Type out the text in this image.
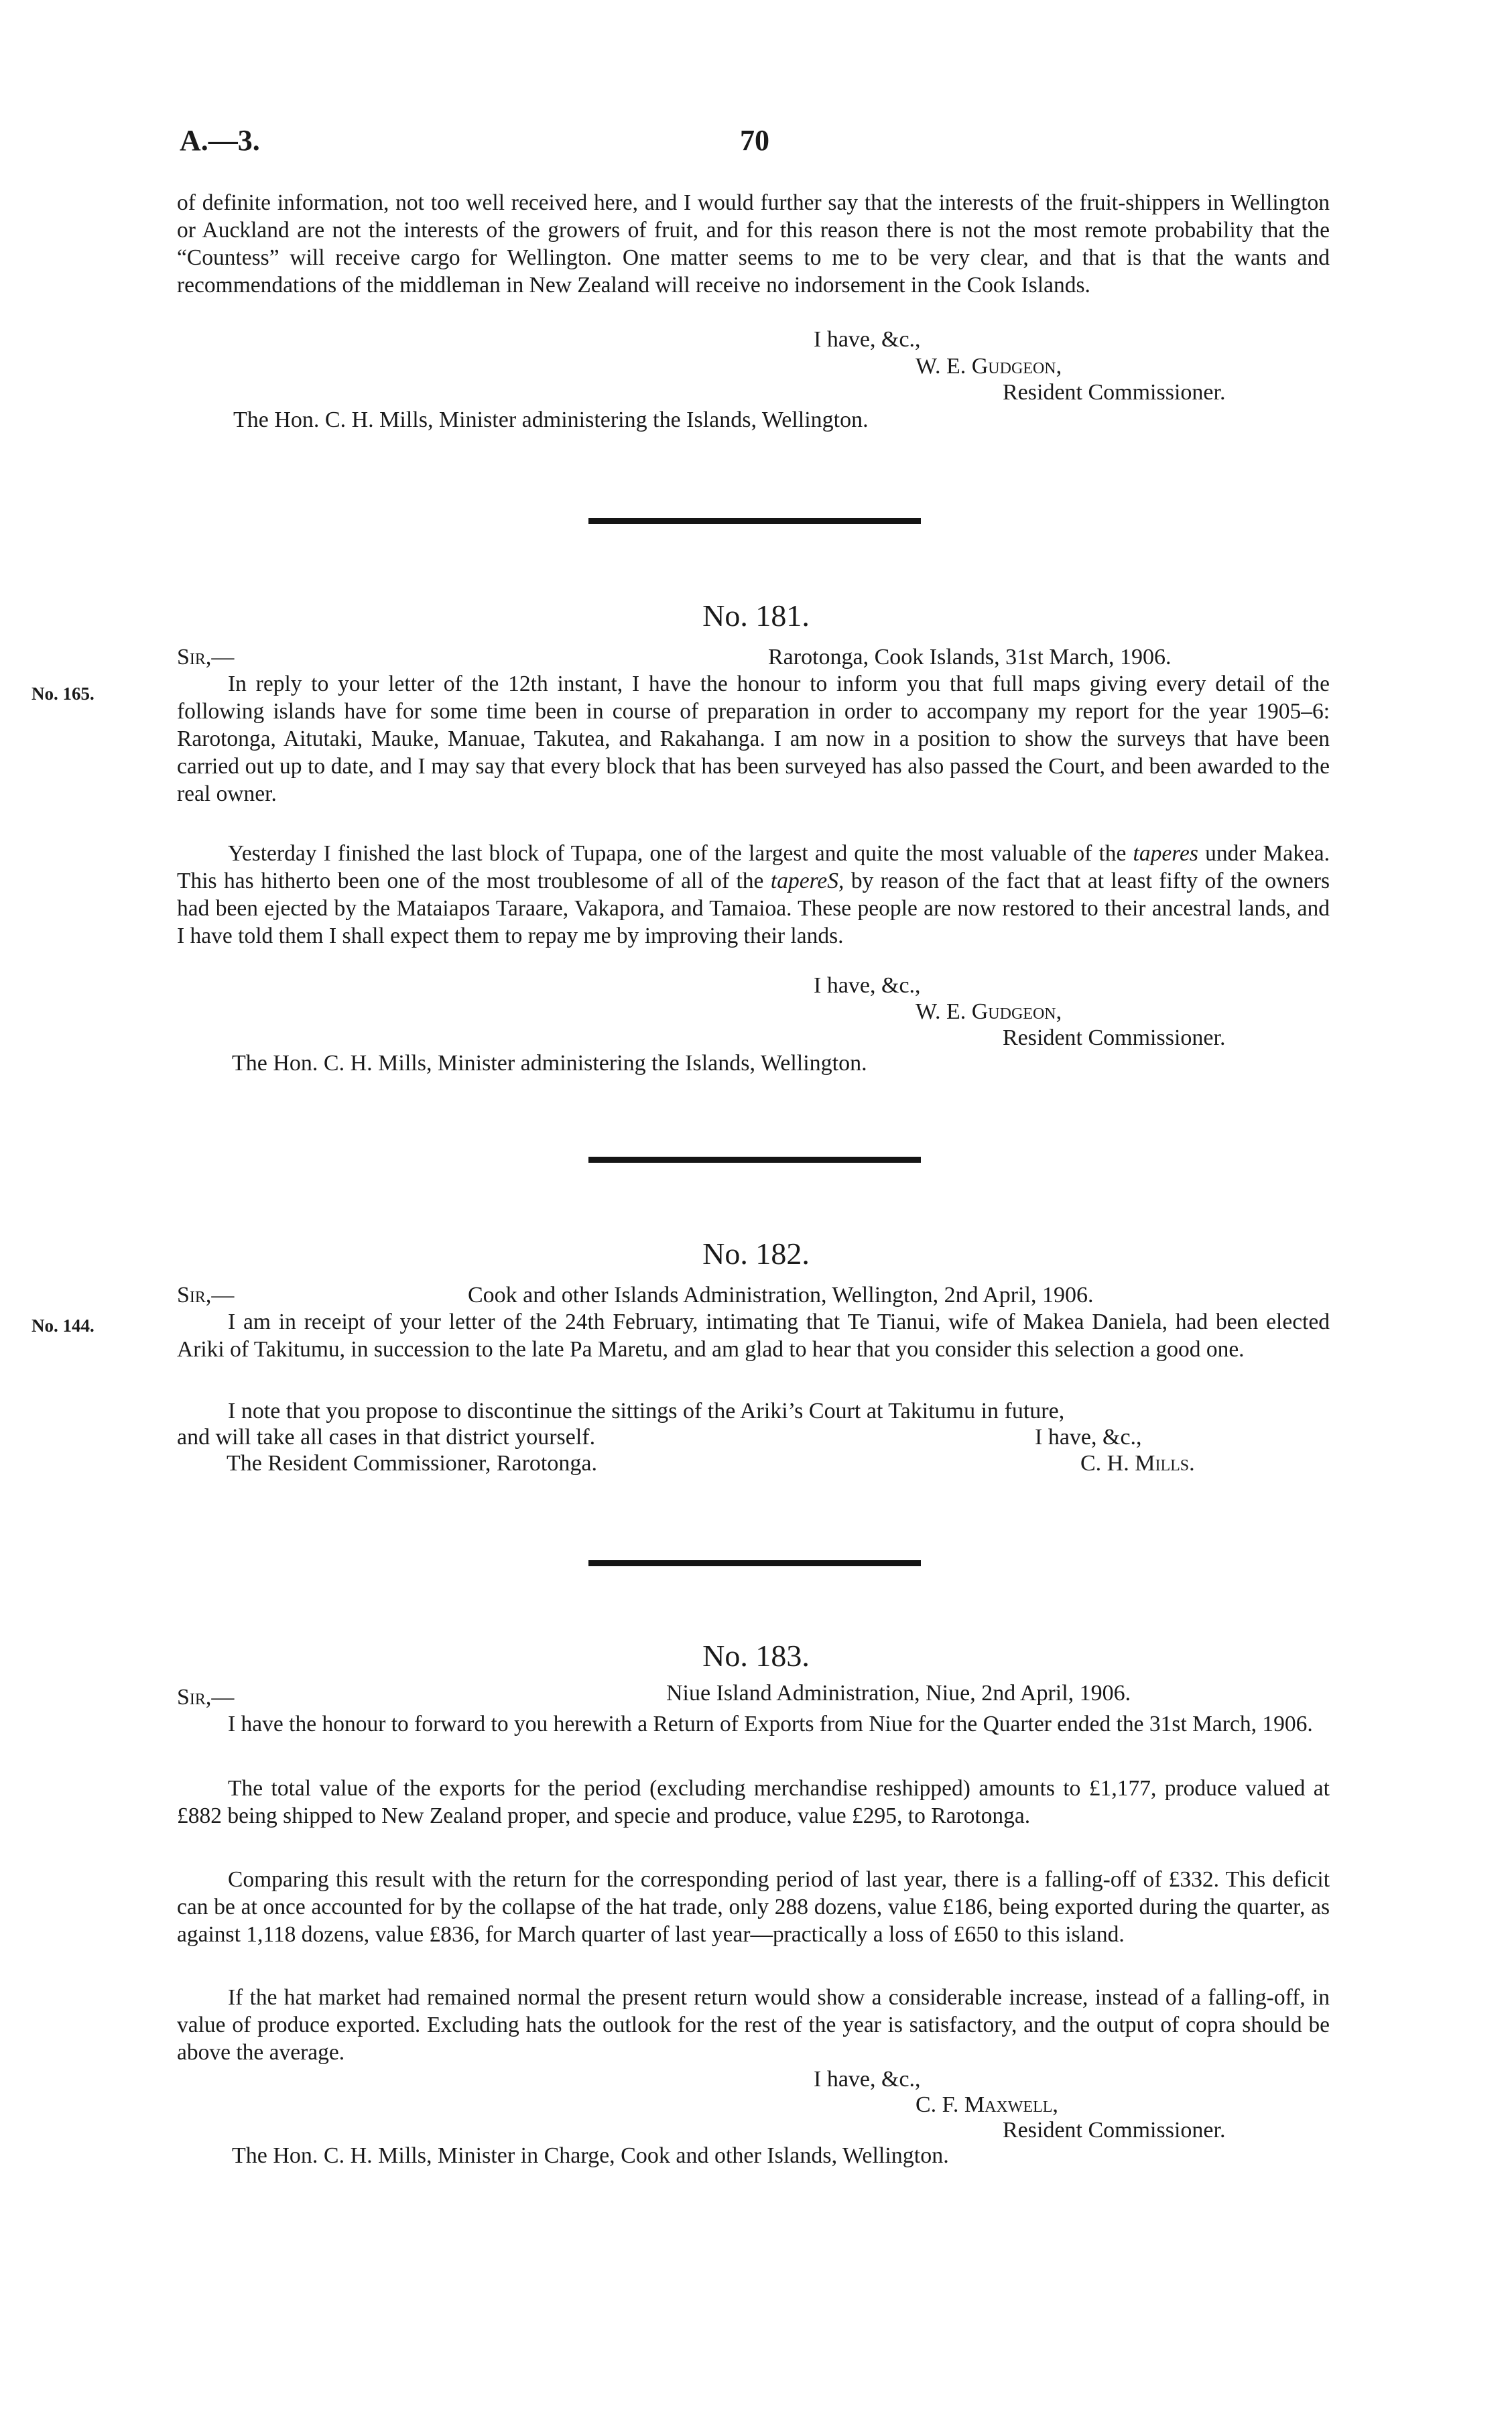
A.—3.	70
of definite information, not too well received here, and I would further say that the interests of the fruit-shippers in Wellington or Auckland are not the interests of the growers of fruit, and for this reason there is not the most remote probability that the “Countess” will receive cargo for Wellington. One matter seems to me to be very clear, and that is that the wants and recommendations of the middleman in New Zealand will receive no indorsement in the Cook Islands.
I have, &c.,
W. E. Gudgeon,
Resident Commissioner.
The Hon. C. H. Mills, Minister administering the Islands, Wellington.
No. 181.
No. 165.
Sir,—	Rarotonga, Cook Islands, 31st March, 1906.
In reply to your letter of the 12th instant, I have the honour to inform you that full maps giving every detail of the following islands have for some time been in course of preparation in order to accompany my report for the year 1905–6: Rarotonga, Aitutaki, Mauke, Manuae, Takutea, and Rakahanga. I am now in a position to show the surveys that have been carried out up to date, and I may say that every block that has been surveyed has also passed the Court, and been awarded to the real owner.
Yesterday I finished the last block of Tupapa, one of the largest and quite the most valuable of the taperes under Makea. This has hitherto been one of the most troublesome of all of the tapereS, by reason of the fact that at least fifty of the owners had been ejected by the Mataiapos Taraare, Vakapora, and Tamaioa. These people are now restored to their ancestral lands, and I have told them I shall expect them to repay me by improving their lands.
I have, &c.,
W. E. Gudgeon,
Resident Commissioner.
The Hon. C. H. Mills, Minister administering the Islands, Wellington.
No. 182.
No. 144.
Sir,—	Cook and other Islands Administration, Wellington, 2nd April, 1906.
I am in receipt of your letter of the 24th February, intimating that Te Tianui, wife of Makea Daniela, had been elected Ariki of Takitumu, in succession to the late Pa Maretu, and am glad to hear that you consider this selection a good one.
I note that you propose to discontinue the sittings of the Ariki’s Court at Takitumu in future,
and will take all cases in that district yourself.	I have, &c.,
The Resident Commissioner, Rarotonga.	C. H. Mills.
No. 183.
Sir,—	Niue Island Administration, Niue, 2nd April, 1906.
I have the honour to forward to you herewith a Return of Exports from Niue for the Quarter ended the 31st March, 1906.
The total value of the exports for the period (excluding merchandise reshipped) amounts to £1,177, produce valued at £882 being shipped to New Zealand proper, and specie and produce, value £295, to Rarotonga.
Comparing this result with the return for the corresponding period of last year, there is a falling-off of £332. This deficit can be at once accounted for by the collapse of the hat trade, only 288 dozens, value £186, being exported during the quarter, as against 1,118 dozens, value £836, for March quarter of last year—practically a loss of £650 to this island.
If the hat market had remained normal the present return would show a considerable increase, instead of a falling-off, in value of produce exported. Excluding hats the outlook for the rest of the year is satisfactory, and the output of copra should be above the average.
I have, &c.,
C. F. Maxwell,
Resident Commissioner.
The Hon. C. H. Mills, Minister in Charge, Cook and other Islands, Wellington.
